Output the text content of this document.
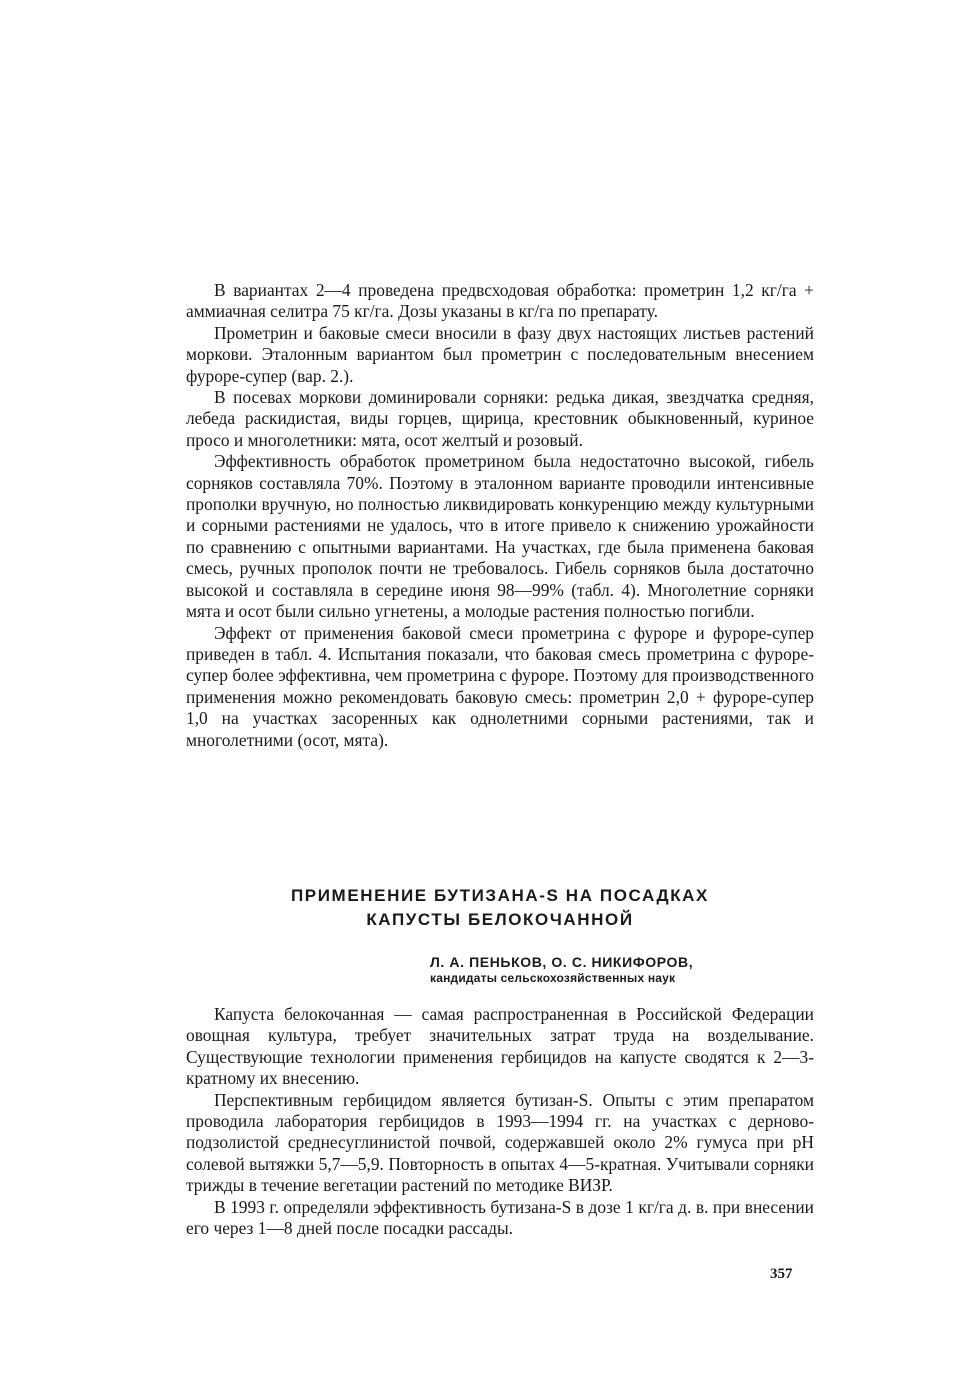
В вариантах 2—4 проведена предвсходовая обработка: прометрин 1,2 кг/га + аммиачная селитра 75 кг/га. Дозы указаны в кг/га по препарату.

Прометрин и баковые смеси вносили в фазу двух настоящих листьев растений моркови. Эталонным вариантом был прометрин с последовательным внесением фуроре-супер (вар. 2.).

В посевах моркови доминировали сорняки: редька дикая, звездчатка средняя, лебеда раскидистая, виды горцев, щирица, крестовник обыкновенный, куриное просо и многолетники: мята, осот желтый и розовый.

Эффективность обработок прометрином была недостаточно высокой, гибель сорняков составляла 70%. Поэтому в эталонном варианте проводили интенсивные прополки вручную, но полностью ликвидировать конкуренцию между культурными и сорными растениями не удалось, что в итоге привело к снижению урожайности по сравнению с опытными вариантами. На участках, где была применена баковая смесь, ручных прополок почти не требовалось. Гибель сорняков была достаточно высокой и составляла в середине июня 98—99% (табл. 4). Многолетние сорняки мята и осот были сильно угнетены, а молодые растения полностью погибли.

Эффект от применения баковой смеси прометрина с фуроре и фуроре-супер приведен в табл. 4. Испытания показали, что баковая смесь прометрина с фуроре-супер более эффективна, чем прометрина с фуроре. Поэтому для производственного применения можно рекомендовать баковую смесь: прометрин 2,0 + фуроре-супер 1,0 на участках засоренных как однолетними сорными растениями, так и многолетними (осот, мята).

ПРИМЕНЕНИЕ БУТИЗАНА-S НА ПОСАДКАХ
КАПУСТЫ БЕЛОКОЧАННОЙ
Л. А. ПЕНЬКОВ, О. С. НИКИФОРОВ,
кандидаты сельскохозяйственных наук

Капуста белокочанная — самая распространенная в Российской Федерации овощная культура, требует значительных затрат труда на возделывание. Существующие технологии применения гербицидов на капусте сводятся к 2—3-кратному их внесению.

Перспективным гербицидом является бутизан-S. Опыты с этим препаратом проводила лаборатория гербицидов в 1993—1994 гг. на участках с дерново-подзолистой среднесуглинистой почвой, содержавшей около 2% гумуса при рН солевой вытяжки 5,7—5,9. Повторность в опытах 4—5-кратная. Учитывали сорняки трижды в течение вегетации растений по методике ВИЗР.

В 1993 г. определяли эффективность бутизана-S в дозе 1 кг/га д. в. при внесении его через 1—8 дней после посадки рассады.

357
